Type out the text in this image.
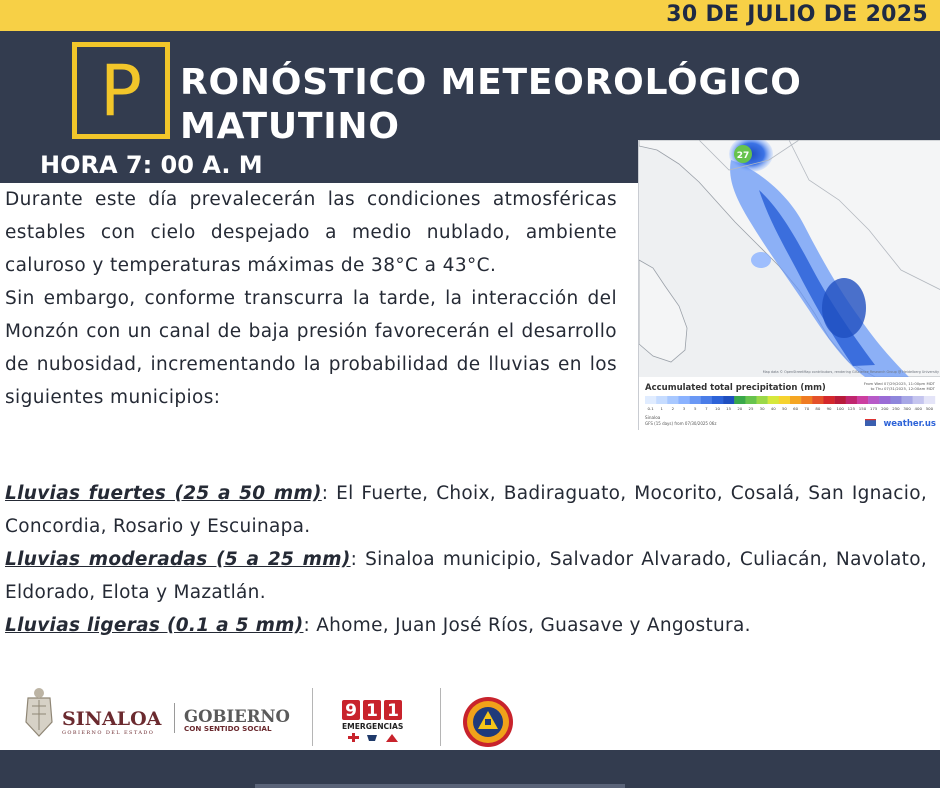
30 DE JULIO DE 2025
P	RONÓSTICO METEOROLÓGICO
MATUTINO
HORA 7: 00 A. M	27
Map data © OpenStreetMap contributors, rendering GIScience Research Group @ Heidelberg University
Accumulated total precipitation (mm)	From Wed 07/29/2025, 11:00pm MDT
to Thu 07/31/2025, 12:00am MDT
0.1 1 2 3 5 7 10 15 20 25 30 40 50 60 70 80 90 100 125 150 175 200 250 300 400 500
Sinaloa
GFS (15 days) from 07/30/2025 06z	weather.us
Durante este día prevalecerán las condiciones atmosféricas estables con cielo despejado a medio nublado, ambiente caluroso y temperaturas máximas de 38°C a 43°C.
Sin embargo, conforme transcurra la tarde, la interacción del Monzón con un canal de baja presión favorecerán el desarrollo de nubosidad, incrementando la probabilidad de lluvias en los siguientes municipios:
Lluvias fuertes (25 a 50 mm): El Fuerte, Choix, Badiraguato, Mocorito, Cosalá, San Ignacio, Concordia, Rosario y Escuinapa.
Lluvias moderadas (5 a 25 mm): Sinaloa municipio, Salvador Alvarado, Culiacán, Navolato, Eldorado, Elota y Mazatlán.
Lluvias ligeras (0.1 a 5 mm): Ahome, Juan José Ríos, Guasave y Angostura.
SINALOA
GOBIERNO DEL ESTADO
GOBIERNO
CON SENTIDO SOCIAL
9 1 1
EMERGENCIAS
